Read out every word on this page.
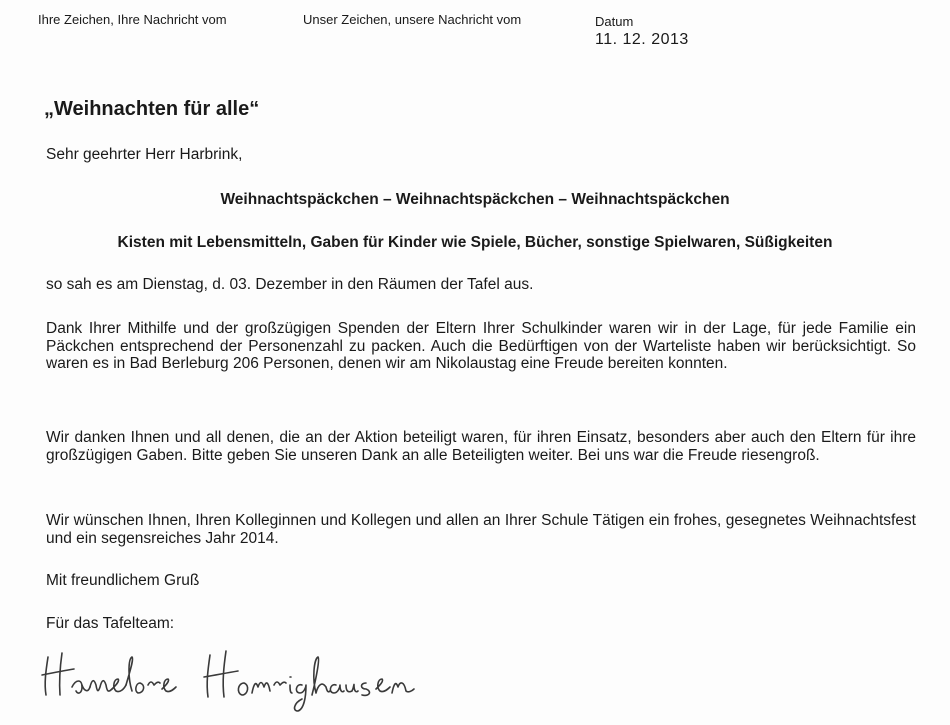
Ihre Zeichen, Ihre Nachricht vom	Unser Zeichen, unsere Nachricht vom	Datum
11. 12. 2013
„Weihnachten für alle“
Sehr geehrter Herr Harbrink,
Weihnachtspäckchen – Weihnachtspäckchen – Weihnachtspäckchen
Kisten mit Lebensmitteln, Gaben für Kinder wie Spiele, Bücher, sonstige Spielwaren, Süßigkeiten
so sah es am Dienstag, d. 03. Dezember in den Räumen der Tafel aus.
Dank Ihrer Mithilfe und der großzügigen Spenden der Eltern Ihrer Schulkinder waren wir in der Lage, für jede Familie ein Päckchen entsprechend der Personenzahl zu packen. Auch die Bedürftigen von der Warteliste haben wir berücksichtigt. So waren es in Bad Berleburg 206 Personen, denen wir am Nikolaustag eine Freude bereiten konnten.
Wir danken Ihnen und all denen, die an der Aktion beteiligt waren, für ihren Einsatz, besonders aber auch den Eltern für ihre großzügigen Gaben. Bitte geben Sie unseren Dank an alle Beteiligten weiter. Bei uns war die Freude riesengroß.
Wir wünschen Ihnen, Ihren Kolleginnen und Kollegen und allen an Ihrer Schule Tätigen ein frohes, gesegnetes Weihnachtsfest und ein segensreiches Jahr 2014.
Mit freundlichem Gruß
Für das Tafelteam:
